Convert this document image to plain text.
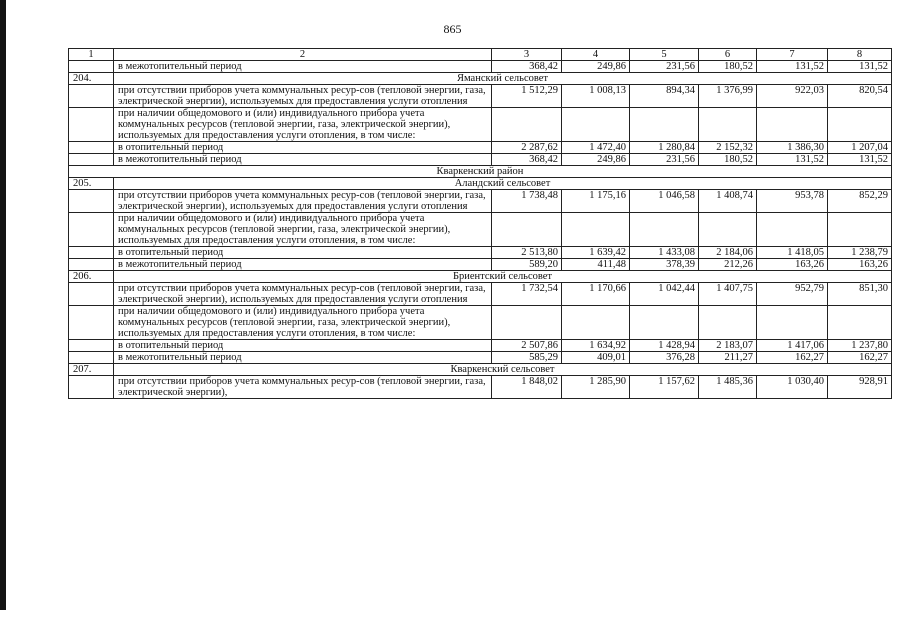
865
1	2	3	4	5	6	7	8
	в межотопительный период	368,42	249,86	231,56	180,52	131,52	131,52
204.	Яманский сельсовет						
	при отсутствии приборов учета коммунальных ресур-сов (тепловой энергии, газа, электрической энергии), используемых для предоставления услуги отопления	1 512,29	1 008,13	894,34	1 376,99	922,03	820,54
	при наличии общедомового и (или) индивидуального прибора учета коммунальных ресурсов (тепловой энергии, газа, электрической энергии), используемых для предоставления услуги отопления, в том числе:						
	в отопительный период	2 287,62	1 472,40	1 280,84	2 152,32	1 386,30	1 207,04
	в межотопительный период	368,42	249,86	231,56	180,52	131,52	131,52
Кваркенский район							
205.	Аландский сельсовет						
	при отсутствии приборов учета коммунальных ресур-сов (тепловой энергии, газа, электрической энергии), используемых для предоставления услуги отопления	1 738,48	1 175,16	1 046,58	1 408,74	953,78	852,29
	при наличии общедомового и (или) индивидуального прибора учета коммунальных ресурсов (тепловой энергии, газа, электрической энергии), используемых для предоставления услуги отопления, в том числе:						
	в отопительный период	2 513,80	1 639,42	1 433,08	2 184,06	1 418,05	1 238,79
	в межотопительный период	589,20	411,48	378,39	212,26	163,26	163,26
206.	Бриентский сельсовет						
	при отсутствии приборов учета коммунальных ресур-сов (тепловой энергии, газа, электрической энергии), используемых для предоставления услуги отопления	1 732,54	1 170,66	1 042,44	1 407,75	952,79	851,30
	при наличии общедомового и (или) индивидуального прибора учета коммунальных ресурсов (тепловой энергии, газа, электрической энергии), используемых для предоставления услуги отопления, в том числе:						
	в отопительный период	2 507,86	1 634,92	1 428,94	2 183,07	1 417,06	1 237,80
	в межотопительный период	585,29	409,01	376,28	211,27	162,27	162,27
207.	Кваркенский сельсовет						
	при отсутствии приборов учета коммунальных ресур-сов (тепловой энергии, газа, электрической энергии),	1 848,02	1 285,90	1 157,62	1 485,36	1 030,40	928,91
